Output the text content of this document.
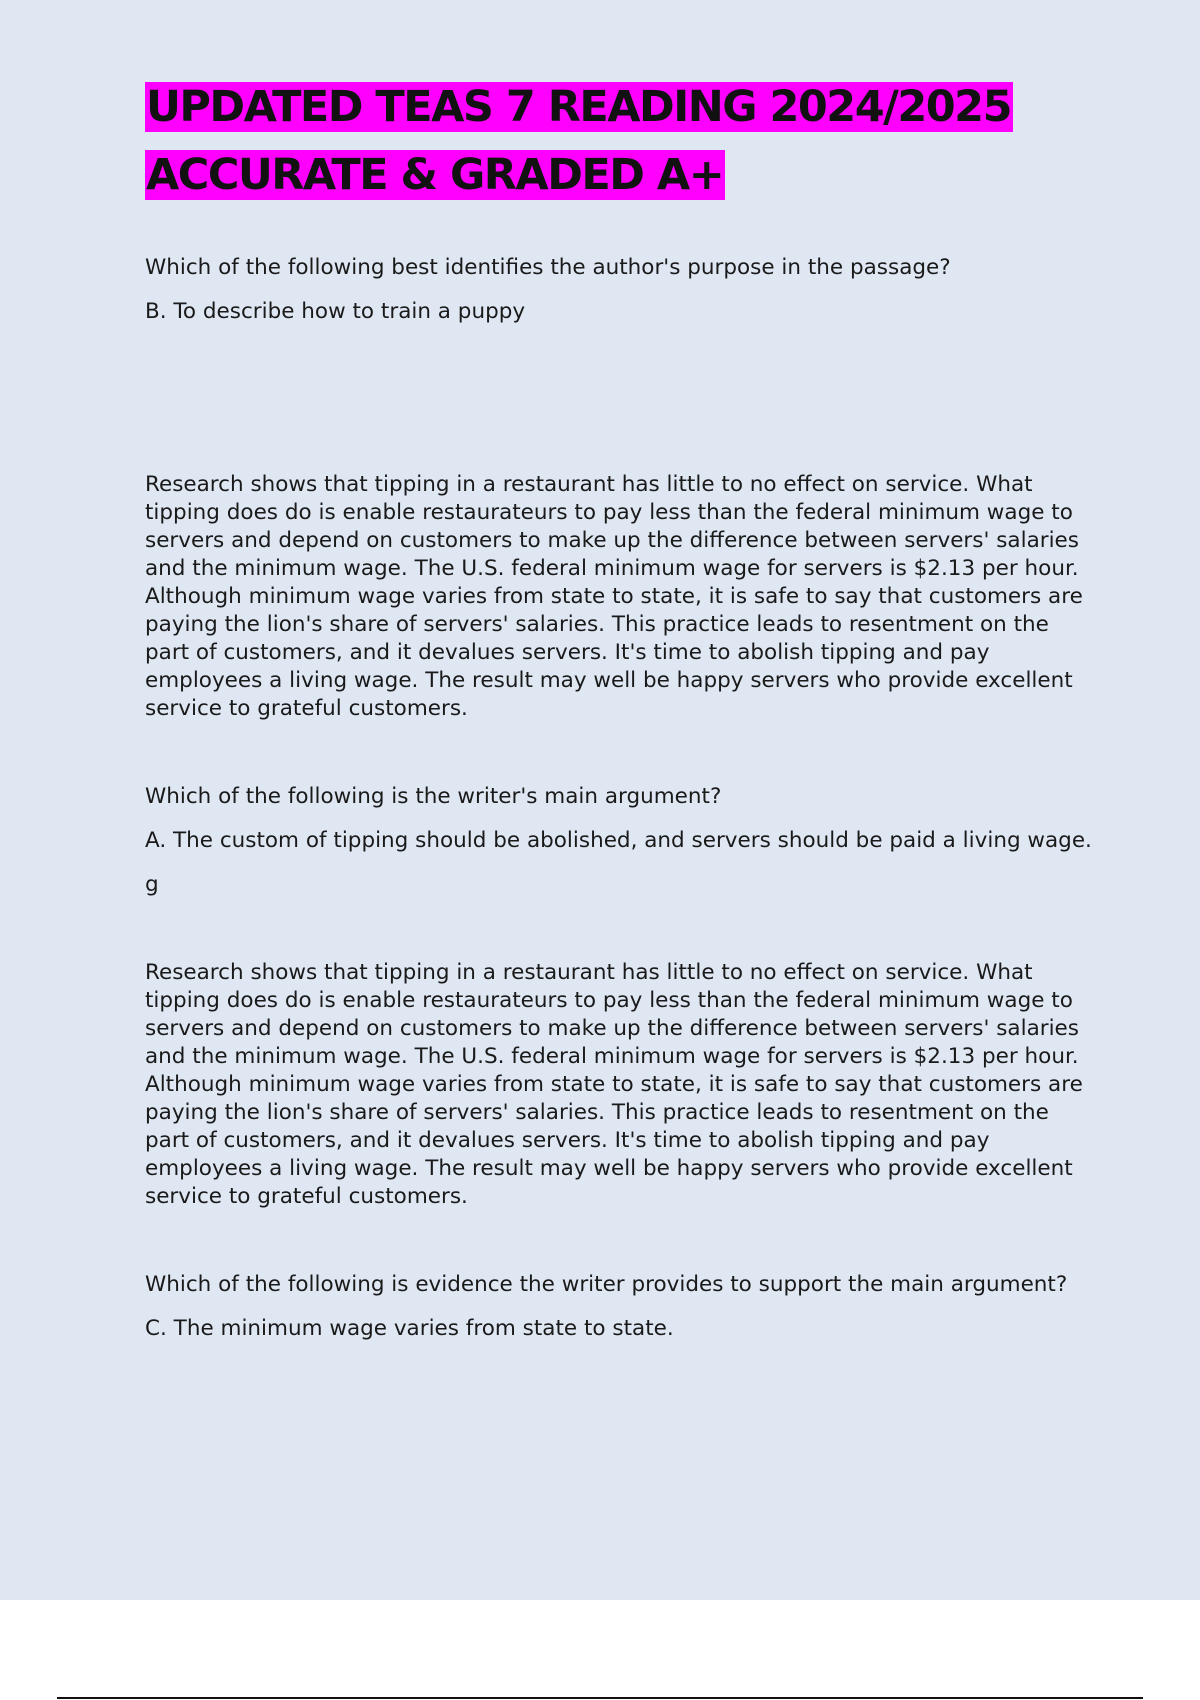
UPDATED TEAS 7 READING 2024/2025
ACCURATE & GRADED A+

Which of the following best identifies the author's purpose in the passage?

B. To describe how to train a puppy

Research shows that tipping in a restaurant has little to no effect on service. What tipping does do is enable restaurateurs to pay less than the federal minimum wage to servers and depend on customers to make up the difference between servers' salaries and the minimum wage. The U.S. federal minimum wage for servers is $2.13 per hour. Although minimum wage varies from state to state, it is safe to say that customers are paying the lion's share of servers' salaries. This practice leads to resentment on the part of customers, and it devalues servers. It's time to abolish tipping and pay employees a living wage. The result may well be happy servers who provide excellent service to grateful customers.

Which of the following is the writer's main argument?

A. The custom of tipping should be abolished, and servers should be paid a living wage.

g

Research shows that tipping in a restaurant has little to no effect on service. What tipping does do is enable restaurateurs to pay less than the federal minimum wage to servers and depend on customers to make up the difference between servers' salaries and the minimum wage. The U.S. federal minimum wage for servers is $2.13 per hour. Although minimum wage varies from state to state, it is safe to say that customers are paying the lion's share of servers' salaries. This practice leads to resentment on the part of customers, and it devalues servers. It's time to abolish tipping and pay employees a living wage. The result may well be happy servers who provide excellent service to grateful customers.

Which of the following is evidence the writer provides to support the main argument?

C. The minimum wage varies from state to state.
